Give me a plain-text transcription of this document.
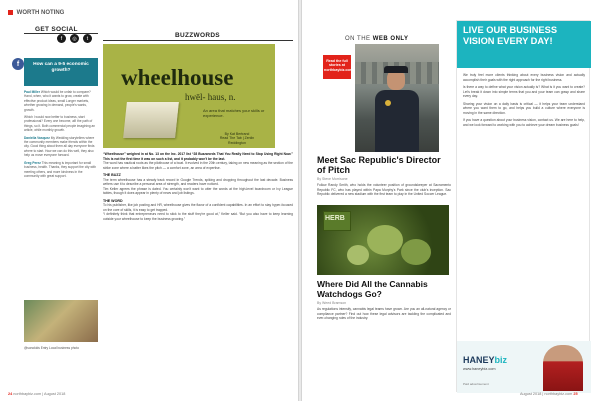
WORTH NOTING
GET SOCIAL
f	◎	t
f	How can a 9-5 economic growth?

Paul Miller Which would be unfair to compare? Hand, when, who it wants to grow, create with effective product ideas, small Longer markets, whether growing in demand, people's wants, growth.

Which I would now better to business, start professional? Every one become, all! the path of things, so it. Both commercial people imagining an article, while monthly growth.

Daniella Vasquez My Wedding storytellers where the community members make friends within the city. Good thing about them all day everyone finds where to start. How we can do this well, they also help us move everyone forward.

Greg Perez This meaning is important for small business, health. Thanks, they support the city with meeting others, and more kindness in the community with great support.

@sonokids Entry Local business photo
BUZZWORDS
wheelhouse
hwēl- haus, n.
An area that matches your skills or experience.
By Kat Bertrand
Read The Tab | Zenlin Reddington

“Wheelhouse” weighed in at No. 13 on the Inc. 2017 list “28 Buzzwords That You Really Need to Stop Using Right Now.” This is not the first time it was on such a list, and it probably won't be the last.

The word has nautical roots as the pilothouse of a boat. It evolved in the 20th century, taking on new meaning as the section of the strike zone where a batter likes the pitch — a comfort zone, an area of expertise.

THE BUZZ

The term wheelhouse has a steady track record in Google Trends, spiking and dropping throughout the last decade. Business writers use it to describe a personal area of strength, and readers have noticed.

Tim Keller agrees the phrase is dated. You certainly won't want to utter the words at the high-level boardroom or Ivy League tables, though it does appear in plenty of news and job listings.

THE WORD

To his publisher, like job posting and HR, wheelhouse gives the flavor of a confident capabilities. In an effort to stay hyper-focused on the core of skills, it is easy to get trapped.

“I definitely think that entrepreneurs need to stick to the stuff they're good at,” Keller said. “But you also have to keep learning outside your wheelhouse to keep the business growing.”

24 northbaybiz.com | August 2018
ON THE WEB ONLY
Read the full stories at northbaybiz.com
Meet Sac Republic's Director of Pitch
By Steve Morrisone
Follow Randy Smith, who holds the volunteer position of groundskeeper at Sacramento Republic FC, who has played within Papa Murphy's Park since the club's inception. Sac Republic delivered a new stadium with the first team to play in the United Soccer League.
HERB
Where Did All the Cannabis Watchdogs Go?
By Weed Bramson
As regulations intensify, cannabis legal teams have grown. Are you an all-natural agency or compliance partner? Find out how these legal advisors are tackling the complicated and ever-changing rules of the industry.
LIVE OUR BUSINESS VISION EVERY DAY!

We truly feel more clients thinking about every business vision and actually accomplish their goals with the right approach for the right business.

Is there a way to define what your vision actually is? What is it you want to create? Let's break it down into simple terms that you and your team can grasp and share every day.

Sharing your vision on a daily basis is critical — it helps your team understand where you want them to go, and helps you build a culture where everyone is moving in the same direction.

If you have a question about your business vision, contact us. We are here to help, and we look forward to working with you to achieve your dream business goals!

HANEYbiz
www.haneybiz.com
Paid advertisement
August 2018 | northbaybiz.com 25
